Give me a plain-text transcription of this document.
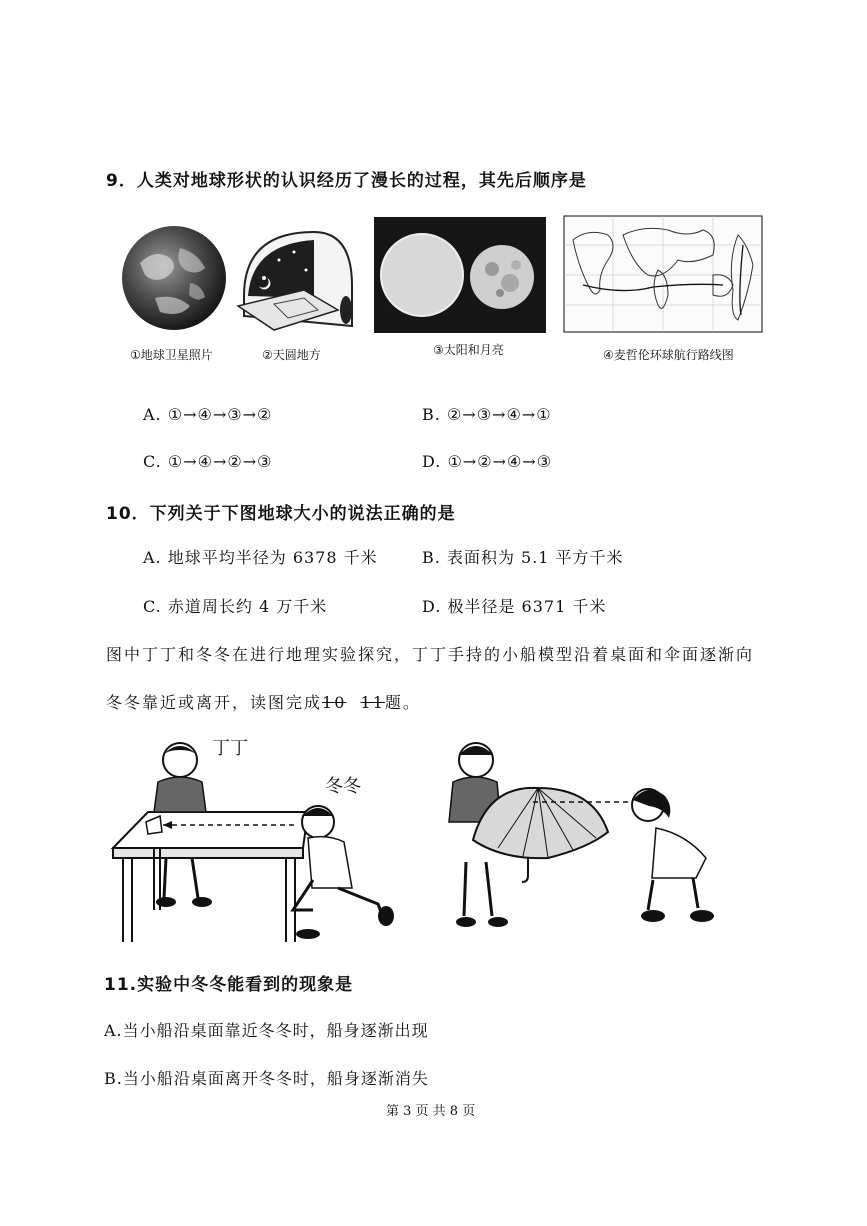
9．人类对地球形状的认识经历了漫长的过程，其先后顺序是
①地球卫星照片	②天圆地方	③太阳和月亮	④麦哲伦环球航行路线图
A. ①→④→③→②	B. ②→③→④→①
C. ①→④→②→③	D. ①→②→④→③
10．下列关于下图地球大小的说法正确的是
A. 地球平均半径为 6378 千米	B. 表面积为 5.1 平方千米
C. 赤道周长约 4 万千米	D. 极半径是 6371 千米
图中丁丁和冬冬在进行地理实验探究，丁丁手持的小船模型沿着桌面和伞面逐渐向
冬冬靠近或离开，读图完成10 11题。
丁丁
冬冬
11.实验中冬冬能看到的现象是
A.当小船沿桌面靠近冬冬时，船身逐渐出现
B.当小船沿桌面离开冬冬时，船身逐渐消失
第 3 页 共 8 页
